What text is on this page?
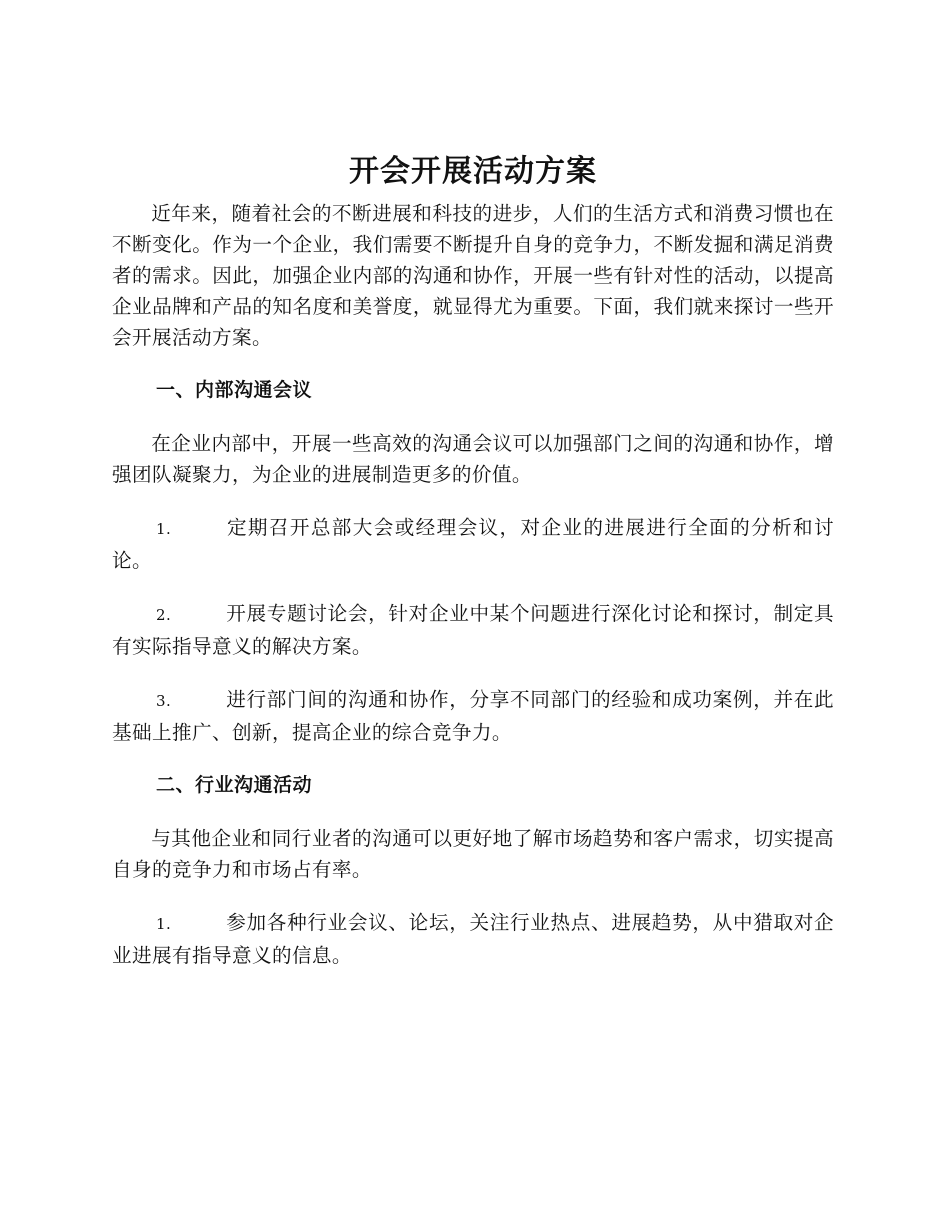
开会开展活动方案

近年来，随着社会的不断进展和科技的进步，人们的生活方式和消费习惯也在不断变化。作为一个企业，我们需要不断提升自身的竞争力，不断发掘和满足消费者的需求。因此，加强企业内部的沟通和协作，开展一些有针对性的活动，以提高企业品牌和产品的知名度和美誉度，就显得尤为重要。下面，我们就来探讨一些开会开展活动方案。

一、内部沟通会议

在企业内部中，开展一些高效的沟通会议可以加强部门之间的沟通和协作，增强团队凝聚力，为企业的进展制造更多的价值。

1.	定期召开总部大会或经理会议，对企业的进展进行全面的分析和讨论。

2.	开展专题讨论会，针对企业中某个问题进行深化讨论和探讨，制定具有实际指导意义的解决方案。

3.	进行部门间的沟通和协作，分享不同部门的经验和成功案例，并在此基础上推广、创新，提高企业的综合竞争力。

二、行业沟通活动

与其他企业和同行业者的沟通可以更好地了解市场趋势和客户需求，切实提高自身的竞争力和市场占有率。

1.	参加各种行业会议、论坛，关注行业热点、进展趋势，从中猎取对企业进展有指导意义的信息。
